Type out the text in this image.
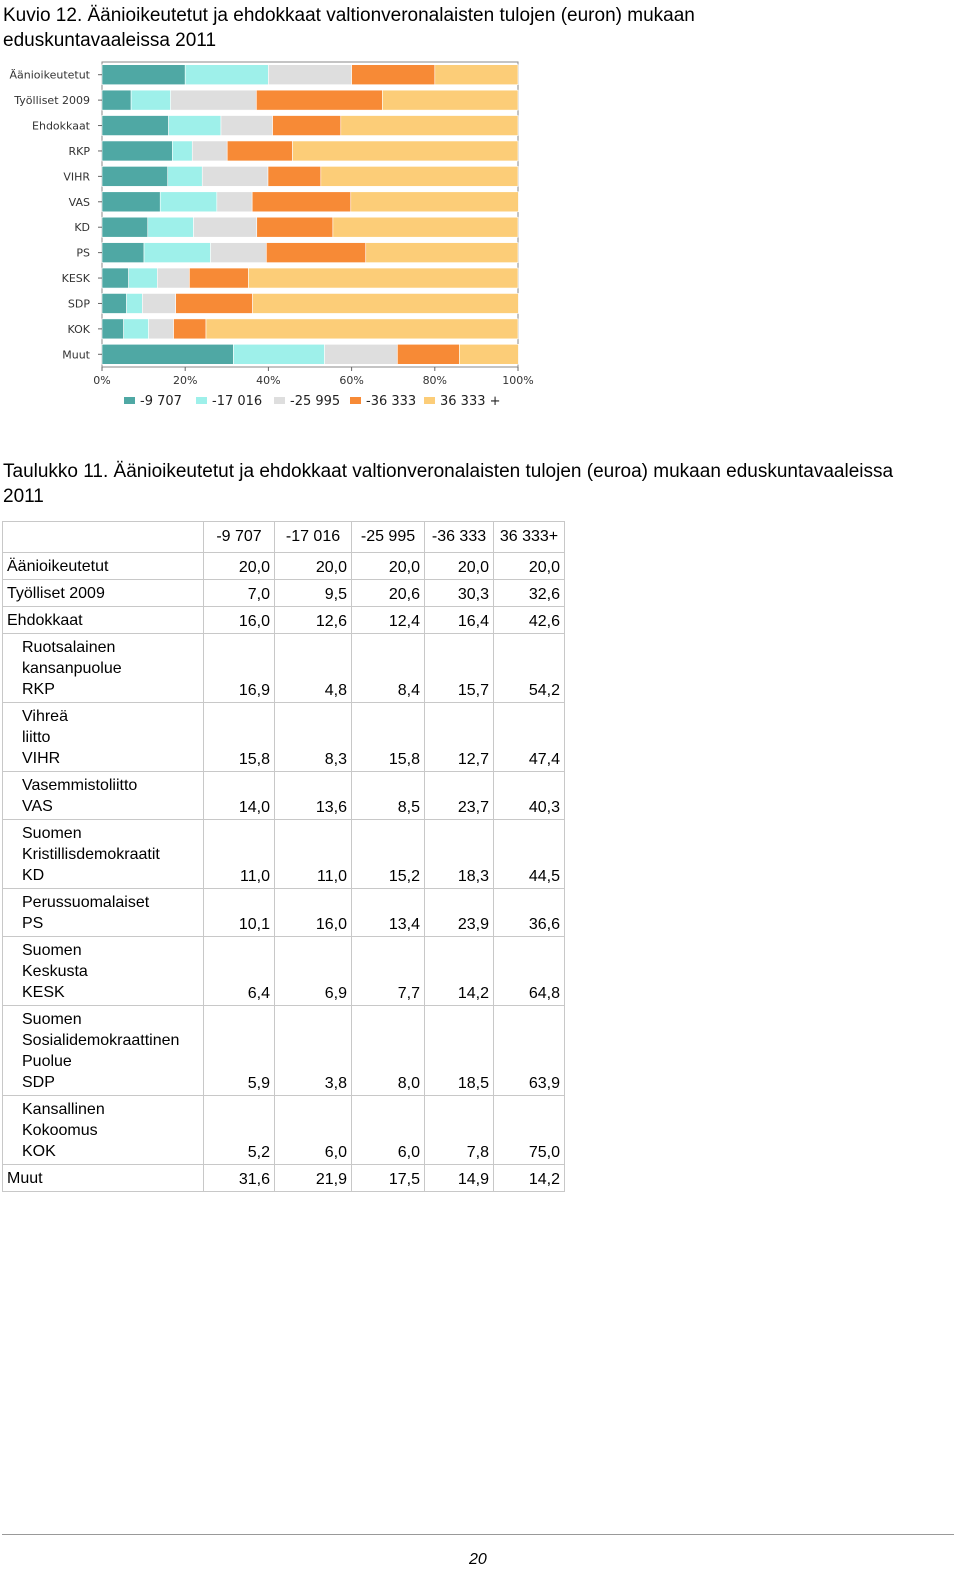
Kuvio 12. Äänioikeutetut ja ehdokkaat valtionveronalaisten tulojen (euron) mukaan eduskuntavaaleissa 2011
Äänioikeutetut
Työlliset 2009
Ehdokkaat
RKP
VIHR
VAS
KD
PS
KESK
SDP
KOK
Muut
0%	20%	40%	60%	80%	100%
-9 707 -17 016 -25 995 -36 333 36 333 +
Taulukko 11. Äänioikeutetut ja ehdokkaat valtionveronalaisten tulojen (euroa) mukaan eduskuntavaaleissa 2011
	-9 707	-17 016	-25 995	-36 333	36 333+

Äänioikeutetut	20,0	20,0	20,0	20,0	20,0

Työlliset 2009	7,0	9,5	20,6	30,3	32,6

Ehdokkaat	16,0	12,6	12,4	16,4	42,6

Ruotsalainen
kansanpuolue
RKP	16,9	4,8	8,4	15,7	54,2

Vihreä
liitto
VIHR	15,8	8,3	15,8	12,7	47,4

Vasemmistoliitto
VAS	14,0	13,6	8,5	23,7	40,3

Suomen
Kristillisdemokraatit
KD	11,0	11,0	15,2	18,3	44,5

Perussuomalaiset
PS	10,1	16,0	13,4	23,9	36,6

Suomen
Keskusta
KESK	6,4	6,9	7,7	14,2	64,8

Suomen
Sosialidemokraattinen
Puolue
SDP	5,9	3,8	8,0	18,5	63,9

Kansallinen
Kokoomus
KOK	5,2	6,0	6,0	7,8	75,0

Muut	31,6	21,9	17,5	14,9	14,2
20
